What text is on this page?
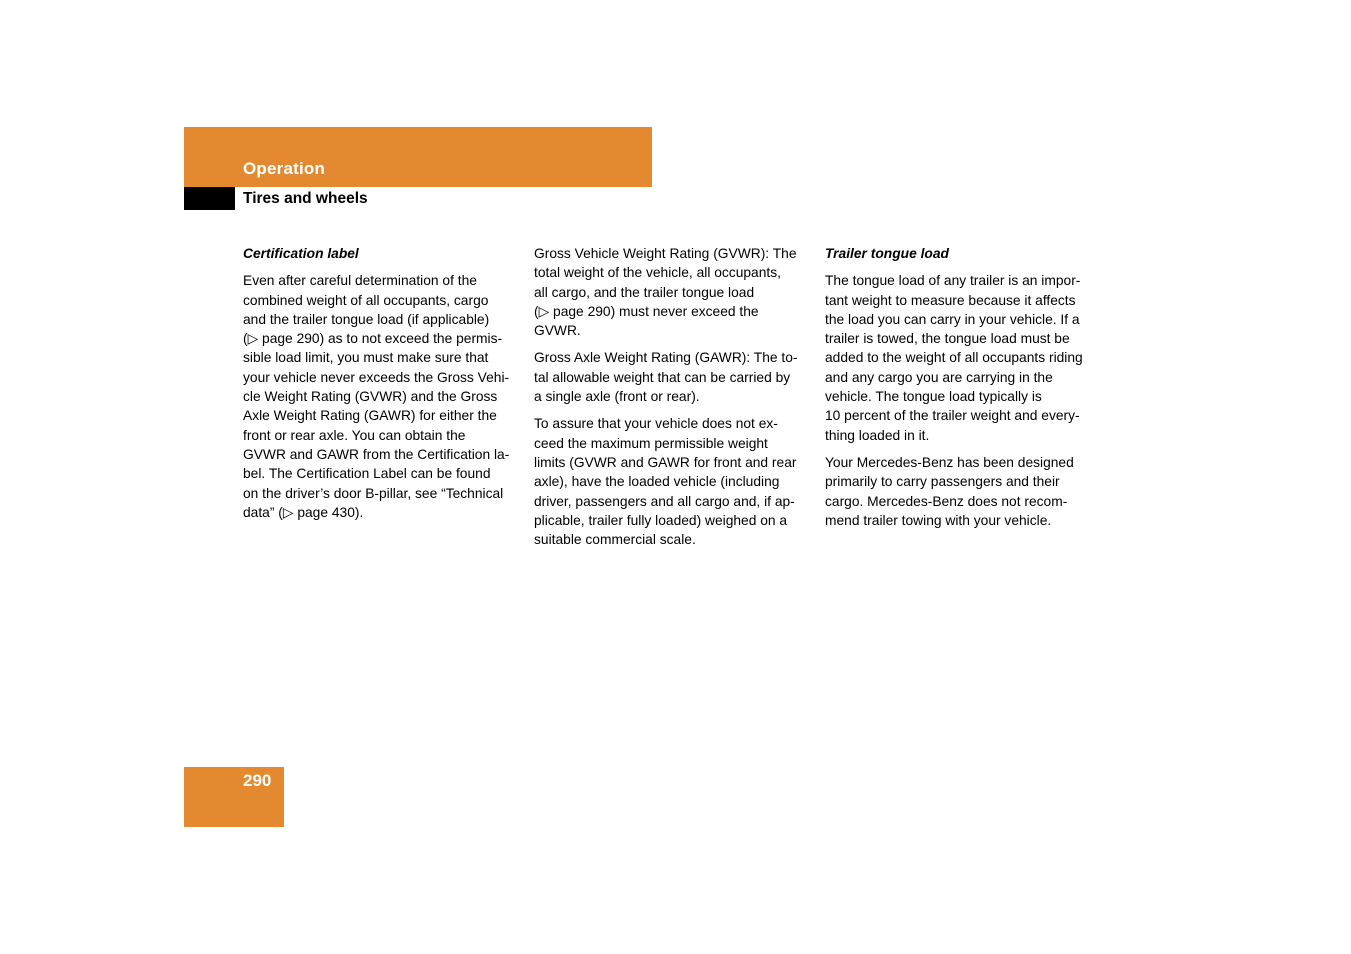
Operation
Tires and wheels
Certification label

Even after careful determination of the
combined weight of all occupants, cargo
and the trailer tongue load (if applicable)
(▷ page 290) as to not exceed the permis-
sible load limit, you must make sure that
your vehicle never exceeds the Gross Vehi-
cle Weight Rating (GVWR) and the Gross
Axle Weight Rating (GAWR) for either the
front or rear axle. You can obtain the
GVWR and GAWR from the Certification la-
bel. The Certification Label can be found
on the driver’s door B-pillar, see “Technical
data” (▷ page 430).

Gross Vehicle Weight Rating (GVWR): The
total weight of the vehicle, all occupants,
all cargo, and the trailer tongue load
(▷ page 290) must never exceed the
GVWR.

Gross Axle Weight Rating (GAWR): The to-
tal allowable weight that can be carried by
a single axle (front or rear).

To assure that your vehicle does not ex-
ceed the maximum permissible weight
limits (GVWR and GAWR for front and rear
axle), have the loaded vehicle (including
driver, passengers and all cargo and, if ap-
plicable, trailer fully loaded) weighed on a
suitable commercial scale.

Trailer tongue load

The tongue load of any trailer is an impor-
tant weight to measure because it affects
the load you can carry in your vehicle. If a
trailer is towed, the tongue load must be
added to the weight of all occupants riding
and any cargo you are carrying in the
vehicle. The tongue load typically is
10 percent of the trailer weight and every-
thing loaded in it.

Your Mercedes-Benz has been designed
primarily to carry passengers and their
cargo. Mercedes-Benz does not recom-
mend trailer towing with your vehicle.

290
